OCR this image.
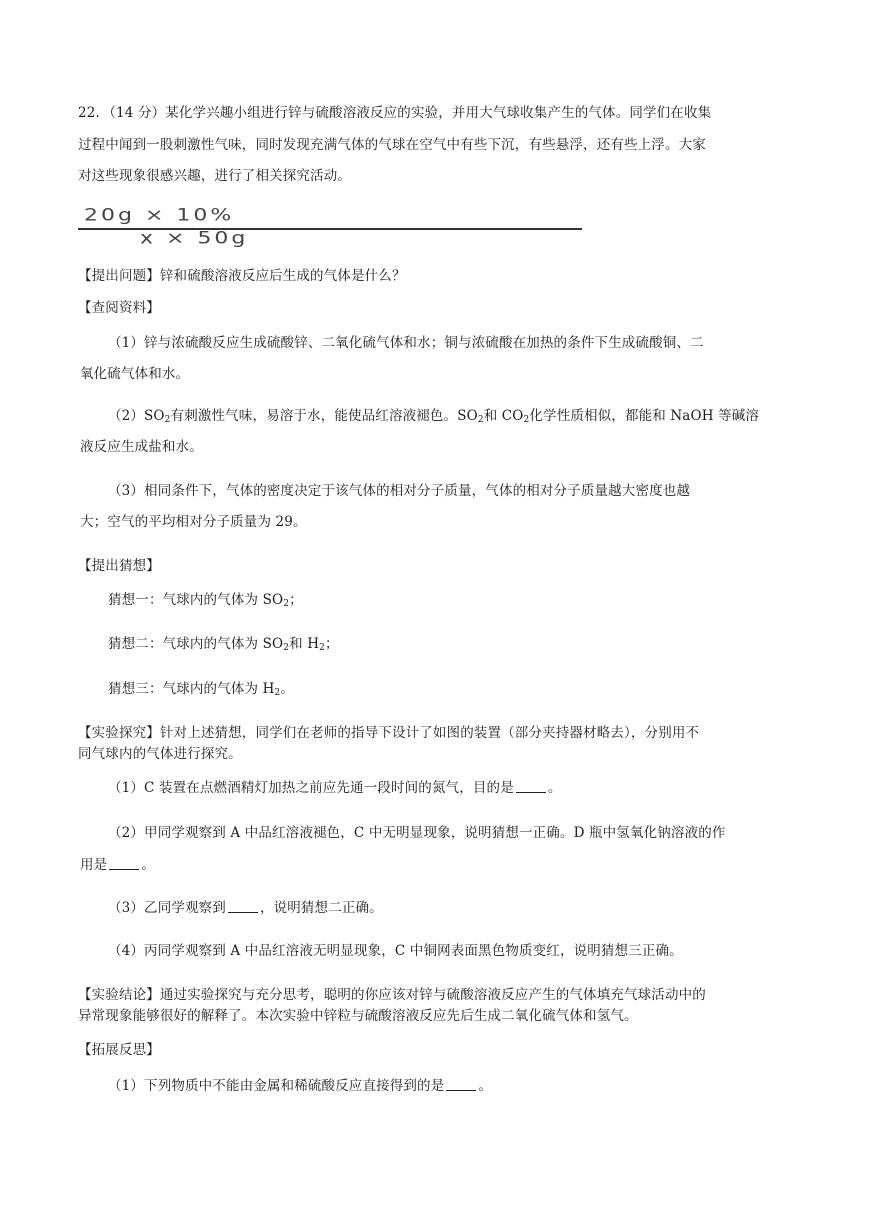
22．（14 分）某化学兴趣小组进行锌与硫酸溶液反应的实验，并用大气球收集产生的气体。同学们在收集
过程中闻到一股刺激性气味，同时发现充满气体的气球在空气中有些下沉，有些悬浮，还有些上浮。大家
对这些现象很感兴趣，进行了相关探究活动。
20g × 10%
x × 50g
【提出问题】锌和硫酸溶液反应后生成的气体是什么？
【查阅资料】
（1）锌与浓硫酸反应生成硫酸锌、二氧化硫气体和水；铜与浓硫酸在加热的条件下生成硫酸铜、二
氧化硫气体和水。
$(2)SO_2$有刺激性气味，易溶于水，能使品红溶液褪色。$SO_2$和 $CO_2$化学性质相似，都能和 NaOH 等碱溶
液反应生成盐和水。
（3）相同条件下，气体的密度决定于该气体的相对分子质量，气体的相对分子质量越大密度也越
大；空气的平均相对分子质量为 29。
【提出猜想】
猜想一：气球内的气体为 $SO_2$；
猜想二：气球内的气体为 $SO_2$和 $H_2$；
猜想三：气球内的气体为 $H_2$。
【实验探究】针对上述猜想，同学们在老师的指导下设计了如图的装置（部分夹持器材略去），分别用不
同气球内的气体进行探究。
（1）C 装置在点燃酒精灯加热之前应先通一段时间的氮气，目的是	。
（2）甲同学观察到 A 中品红溶液褪色，C 中无明显现象，说明猜想一正确。D 瓶中氢氧化钠溶液的作
用是	。
（3）乙同学观察到	，说明猜想二正确。
（4）丙同学观察到 A 中品红溶液无明显现象，C 中铜网表面黑色物质变红，说明猜想三正确。
【实验结论】通过实验探究与充分思考，聪明的你应该对锌与硫酸溶液反应产生的气体填充气球活动中的
异常现象能够很好的解释了。本次实验中锌粒与硫酸溶液反应先后生成二氧化硫气体和氢气。
【拓展反思】
（1）下列物质中不能由金属和稀硫酸反应直接得到的是	。
